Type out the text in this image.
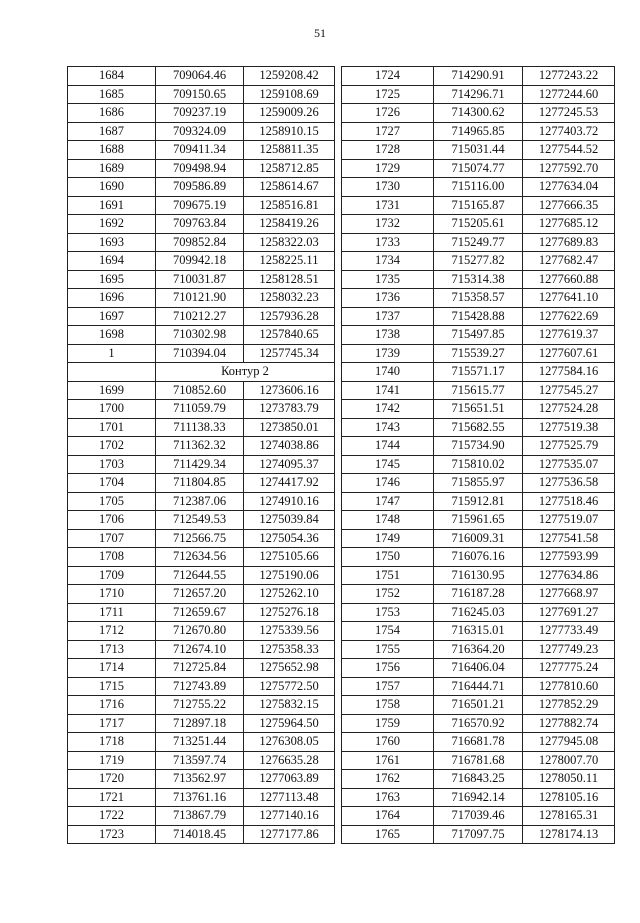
51
1684	709064.46	1259208.42
1685	709150.65	1259108.69
1686	709237.19	1259009.26
1687	709324.09	1258910.15
1688	709411.34	1258811.35
1689	709498.94	1258712.85
1690	709586.89	1258614.67
1691	709675.19	1258516.81
1692	709763.84	1258419.26
1693	709852.84	1258322.03
1694	709942.18	1258225.11
1695	710031.87	1258128.51
1696	710121.90	1258032.23
1697	710212.27	1257936.28
1698	710302.98	1257840.65
1	710394.04	1257745.34
	Контур 2	
1699	710852.60	1273606.16
1700	711059.79	1273783.79
1701	711138.33	1273850.01
1702	711362.32	1274038.86
1703	711429.34	1274095.37
1704	711804.85	1274417.92
1705	712387.06	1274910.16
1706	712549.53	1275039.84
1707	712566.75	1275054.36
1708	712634.56	1275105.66
1709	712644.55	1275190.06
1710	712657.20	1275262.10
1711	712659.67	1275276.18
1712	712670.80	1275339.56
1713	712674.10	1275358.33
1714	712725.84	1275652.98
1715	712743.89	1275772.50
1716	712755.22	1275832.15
1717	712897.18	1275964.50
1718	713251.44	1276308.05
1719	713597.74	1276635.28
1720	713562.97	1277063.89
1721	713761.16	1277113.48
1722	713867.79	1277140.16
1723	714018.45	1277177.86
1724	714290.91	1277243.22
1725	714296.71	1277244.60
1726	714300.62	1277245.53
1727	714965.85	1277403.72
1728	715031.44	1277544.52
1729	715074.77	1277592.70
1730	715116.00	1277634.04
1731	715165.87	1277666.35
1732	715205.61	1277685.12
1733	715249.77	1277689.83
1734	715277.82	1277682.47
1735	715314.38	1277660.88
1736	715358.57	1277641.10
1737	715428.88	1277622.69
1738	715497.85	1277619.37
1739	715539.27	1277607.61
1740	715571.17	1277584.16
1741	715615.77	1277545.27
1742	715651.51	1277524.28
1743	715682.55	1277519.38
1744	715734.90	1277525.79
1745	715810.02	1277535.07
1746	715855.97	1277536.58
1747	715912.81	1277518.46
1748	715961.65	1277519.07
1749	716009.31	1277541.58
1750	716076.16	1277593.99
1751	716130.95	1277634.86
1752	716187.28	1277668.97
1753	716245.03	1277691.27
1754	716315.01	1277733.49
1755	716364.20	1277749.23
1756	716406.04	1277775.24
1757	716444.71	1277810.60
1758	716501.21	1277852.29
1759	716570.92	1277882.74
1760	716681.78	1277945.08
1761	716781.68	1278007.70
1762	716843.25	1278050.11
1763	716942.14	1278105.16
1764	717039.46	1278165.31
1765	717097.75	1278174.13
